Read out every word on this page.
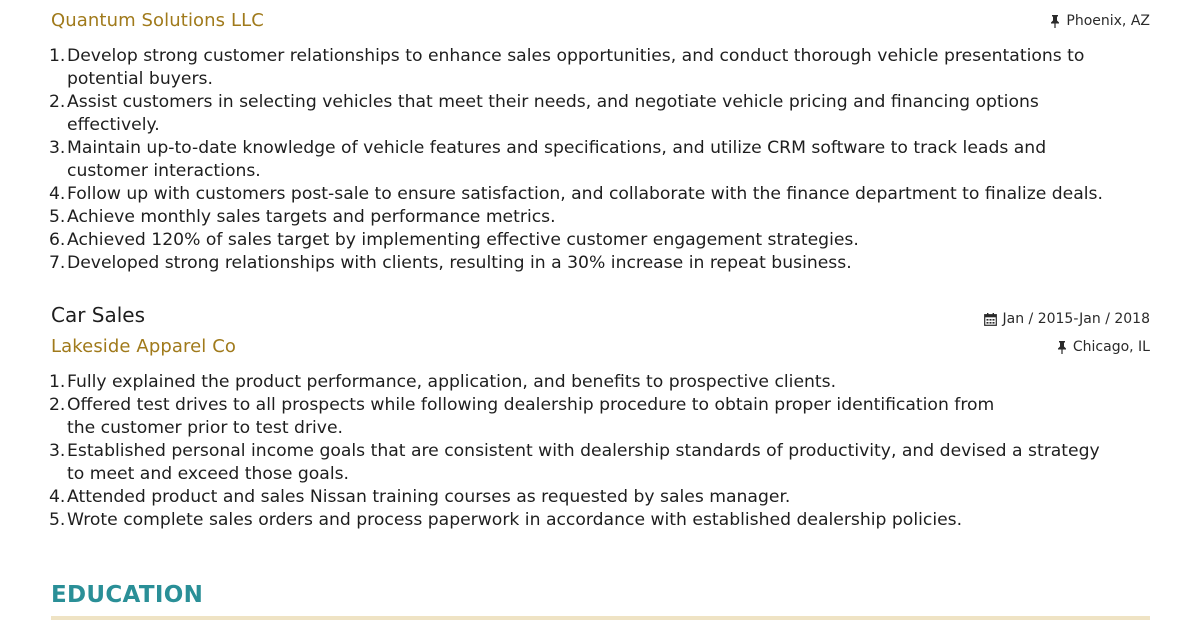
Quantum Solutions LLC	Phoenix, AZ
1. Develop strong customer relationships to enhance sales opportunities, and conduct thorough vehicle presentations to
potential buyers.
2. Assist customers in selecting vehicles that meet their needs, and negotiate vehicle pricing and financing options
effectively.
3. Maintain up-to-date knowledge of vehicle features and specifications, and utilize CRM software to track leads and
customer interactions.
4. Follow up with customers post-sale to ensure satisfaction, and collaborate with the finance department to finalize deals.
5. Achieve monthly sales targets and performance metrics.
6. Achieved 120% of sales target by implementing effective customer engagement strategies.
7. Developed strong relationships with clients, resulting in a 30% increase in repeat business.
Car Sales	Jan / 2015-Jan / 2018
Lakeside Apparel Co	Chicago, IL
1. Fully explained the product performance, application, and benefits to prospective clients.
2. Offered test drives to all prospects while following dealership procedure to obtain proper identification from
the customer prior to test drive.
3. Established personal income goals that are consistent with dealership standards of productivity, and devised a strategy
to meet and exceed those goals.
4. Attended product and sales Nissan training courses as requested by sales manager.
5. Wrote complete sales orders and process paperwork in accordance with established dealership policies.
EDUCATION
